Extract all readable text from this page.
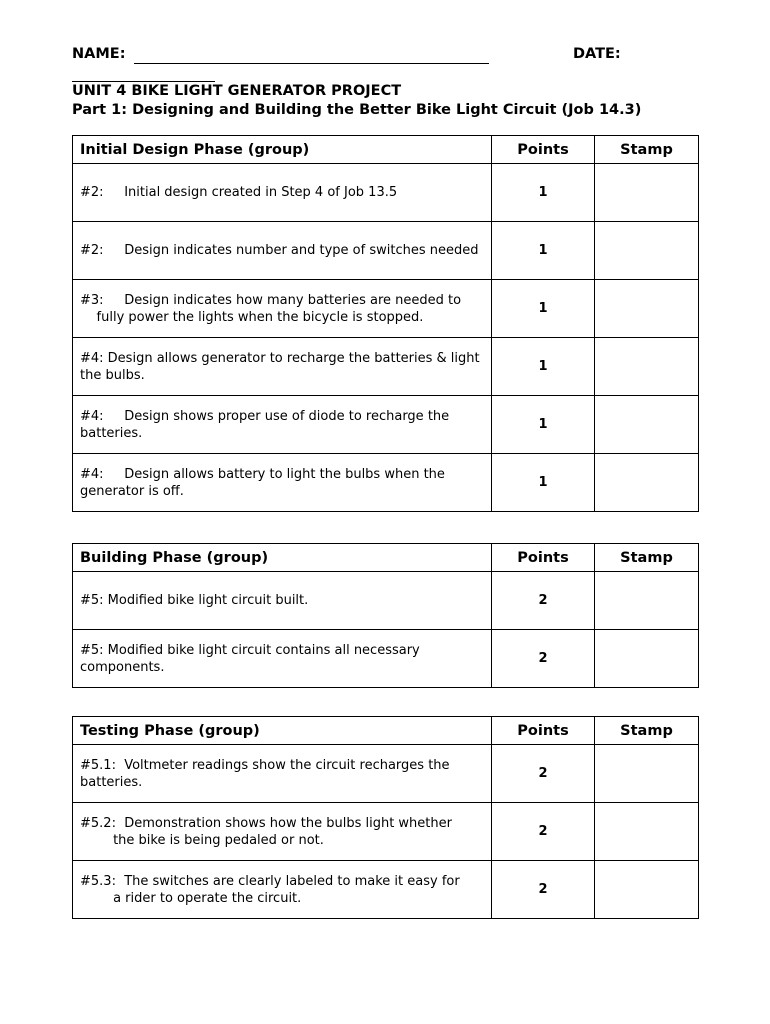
NAME:	DATE:
UNIT 4 BIKE LIGHT GENERATOR PROJECT
Part 1: Designing and Building the Better Bike Light Circuit (Job 14.3)
Initial Design Phase (group)	Points	Stamp
#2:     Initial design created in Step 4 of Job 13.5	1	
#2:     Design indicates number and type of switches needed	1	
#3:     Design indicates how many batteries are needed to
fully power the lights when the bicycle is stopped.	1	
#4: Design allows generator to recharge the batteries & light the bulbs.	1	
#4:     Design shows proper use of diode to recharge the batteries.	1	
#4:     Design allows battery to light the bulbs when the generator is off.	1	
Building Phase (group)	Points	Stamp
#5: Modified bike light circuit built.	2	
#5: Modified bike light circuit contains all necessary components.	2	
Testing Phase (group)	Points	Stamp
#5.1:  Voltmeter readings show the circuit recharges the batteries.	2	
#5.2:  Demonstration shows how the bulbs light whether
the bike is being pedaled or not.	2	
#5.3:  The switches are clearly labeled to make it easy for
a rider to operate the circuit.	2	
